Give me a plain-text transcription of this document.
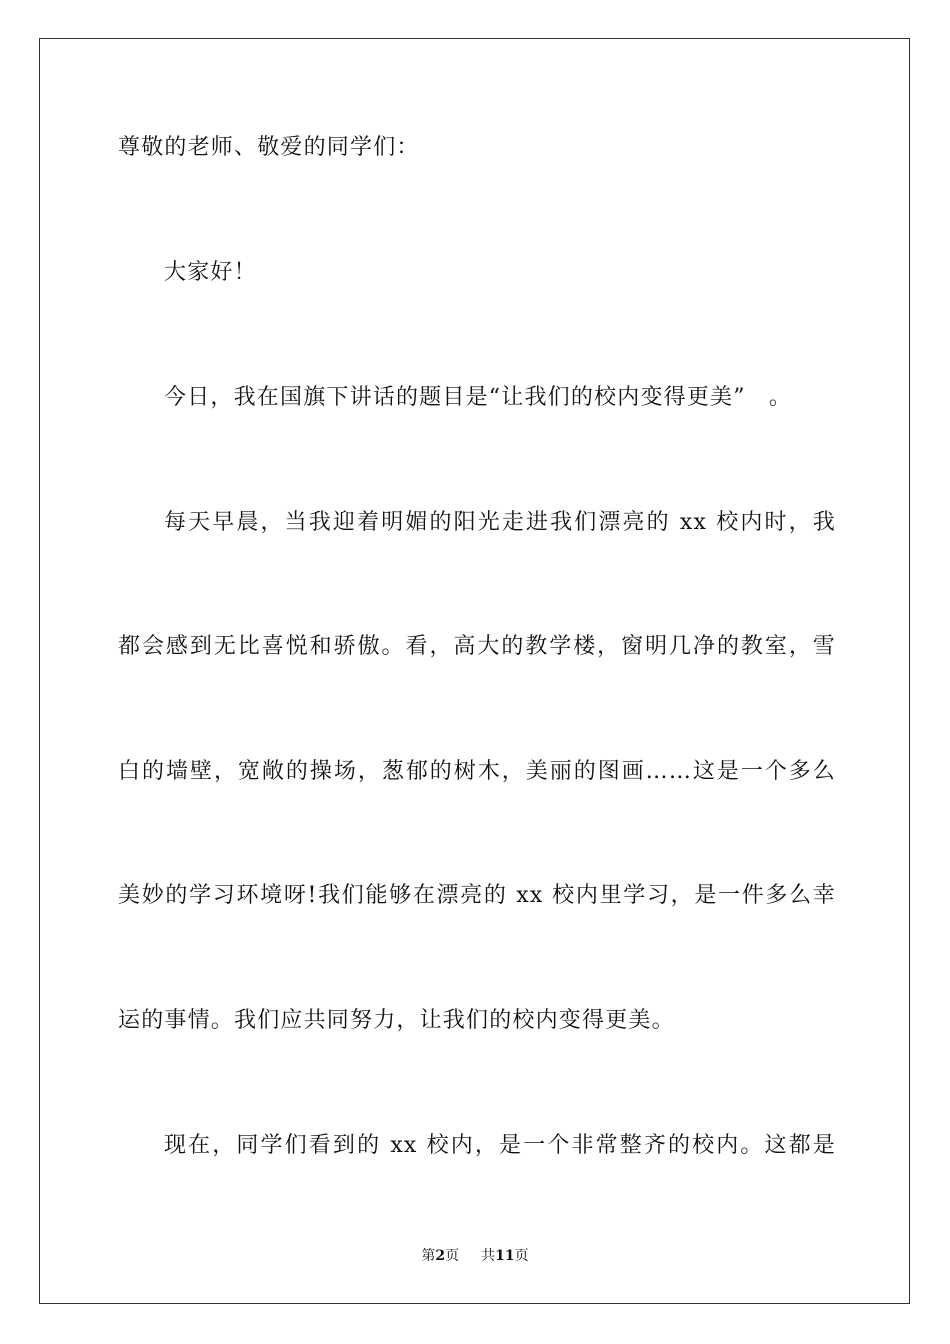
尊敬的老师、敬爱的同学们：
大家好！
今日，我在国旗下讲话的题目是“让我们的校内变得更美”　。
每天早晨，当我迎着明媚的阳光走进我们漂亮的 xx 校内时，我
都会感到无比喜悦和骄傲。看，高大的教学楼，窗明几净的教室，雪
白的墙壁，宽敞的操场，葱郁的树木，美丽的图画……这是一个多么
美妙的学习环境呀!我们能够在漂亮的 xx 校内里学习，是一件多么幸
运的事情。我们应共同努力，让我们的校内变得更美。
现在，同学们看到的 xx 校内，是一个非常整齐的校内。这都是
第2页 共11页
